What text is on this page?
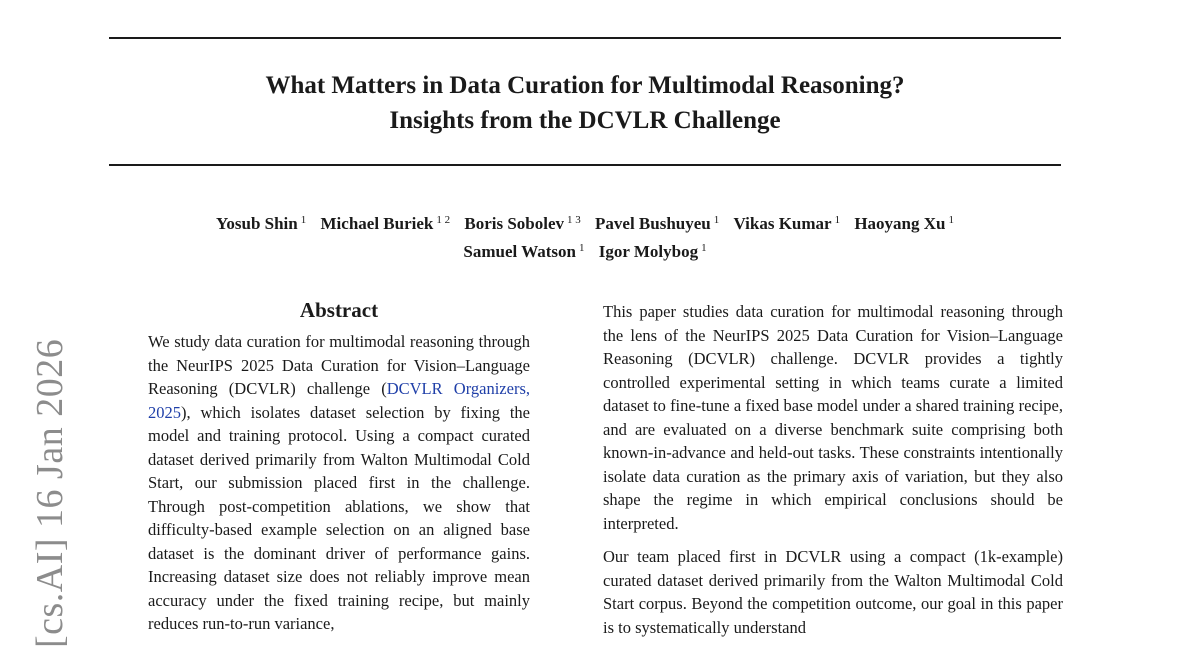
What Matters in Data Curation for Multimodal Reasoning?
Insights from the DCVLR Challenge
Yosub Shin $^1$ Michael Buriek $^{1 2}$ Boris Sobolev $^{1 3}$ Pavel Bushuyeu $^1$ Vikas Kumar $^1$ Haoyang Xu $^1$
Samuel Watson $^1$ Igor Molybog $^1$
[cs.AI] 16 Jan 2026
Abstract

We study data curation for multimodal reasoning through the NeurIPS 2025 Data Curation for Vision–Language Reasoning (DCVLR) challenge (DCVLR Organizers, 2025), which isolates dataset selection by fixing the model and training protocol. Using a compact curated dataset derived primarily from Walton Multimodal Cold Start, our submission placed first in the challenge. Through post-competition ablations, we show that difficulty-based example selection on an aligned base dataset is the dominant driver of performance gains. Increasing dataset size does not reliably improve mean accuracy under the fixed training recipe, but mainly reduces run-to-run variance,

This paper studies data curation for multimodal reasoning through the lens of the NeurIPS 2025 Data Curation for Vision–Language Reasoning (DCVLR) challenge. DCVLR provides a tightly controlled experimental setting in which teams curate a limited dataset to fine-tune a fixed base model under a shared training recipe, and are evaluated on a diverse benchmark suite comprising both known-in-advance and held-out tasks. These constraints intentionally isolate data curation as the primary axis of variation, but they also shape the regime in which empirical conclusions should be interpreted.

Our team placed first in DCVLR using a compact (1k-example) curated dataset derived primarily from the Walton Multimodal Cold Start corpus. Beyond the competition outcome, our goal in this paper is to systematically understand
